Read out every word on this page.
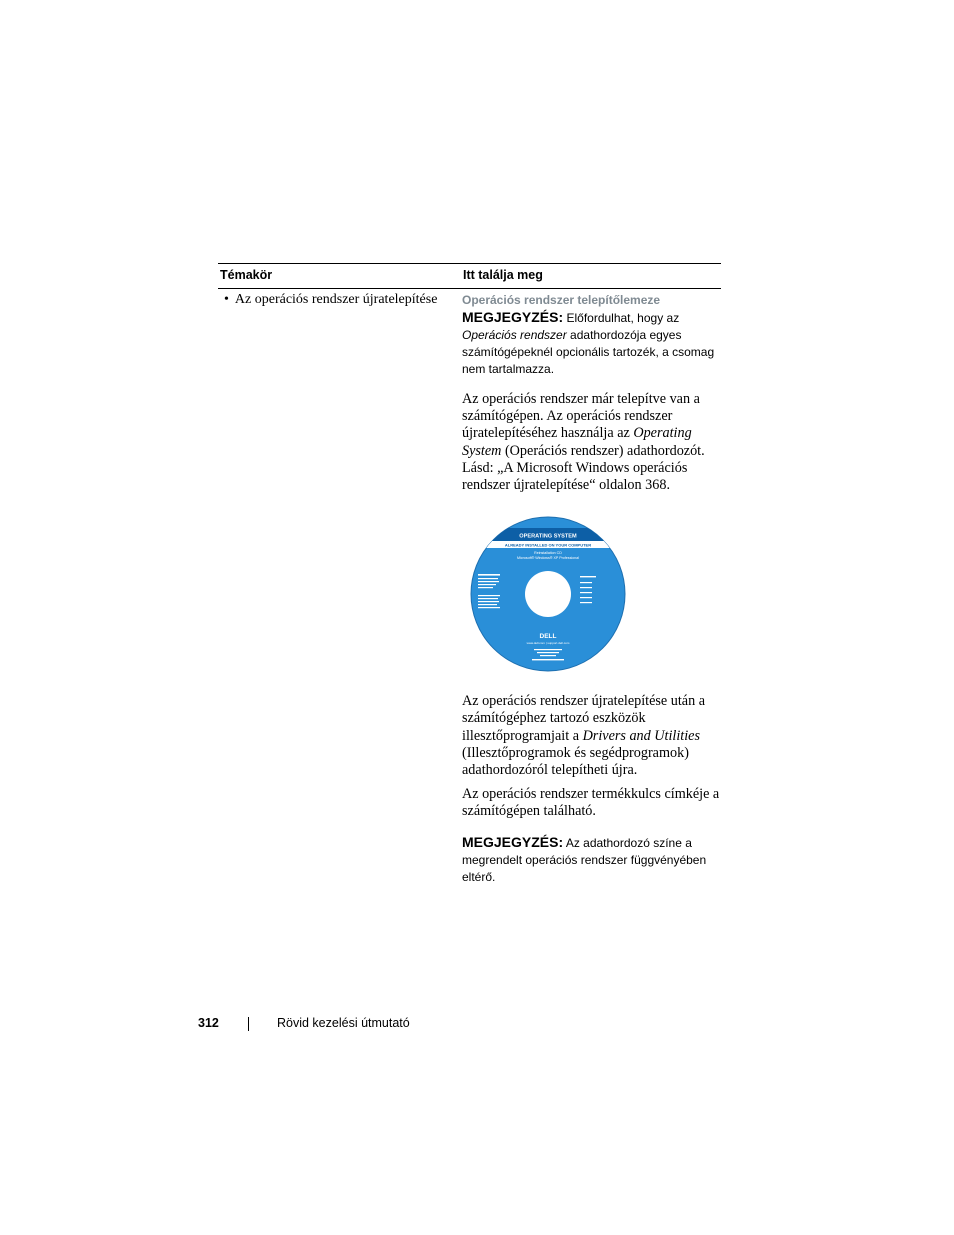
Témakör	Itt találja meg
• Az operációs rendszer újratelepítése Operációs rendszer telepítőlemeze
MEGJEGYZÉS: Előfordulhat, hogy az Operációs rendszer adathordozója egyes számítógépeknél opcionális tartozék, a csomag nem tartalmazza.
Az operációs rendszer már telepítve van a számítógépen. Az operációs rendszer újratelepítéséhez használja az Operating System (Operációs rendszer) adathordozót. Lásd: „A Microsoft Windows operációs rendszer újratelepítése“ oldalon 368.
OPERATING SYSTEM
ALREADY INSTALLED ON YOUR COMPUTER
Reinstallation CD
Microsoft® Windows® XP Professional
DELL
www.dell.com | support.dell.com
Az operációs rendszer újratelepítése után a számítógéphez tartozó eszközök illesztőprogramjait a Drivers and Utilities (Illesztőprogramok és segédprogramok) adathordozóról telepítheti újra.
Az operációs rendszer termékkulcs címkéje a számítógépen található.
MEGJEGYZÉS: Az adathordozó színe a megrendelt operációs rendszer függvényében eltérő.
312	Rövid kezelési útmutató
